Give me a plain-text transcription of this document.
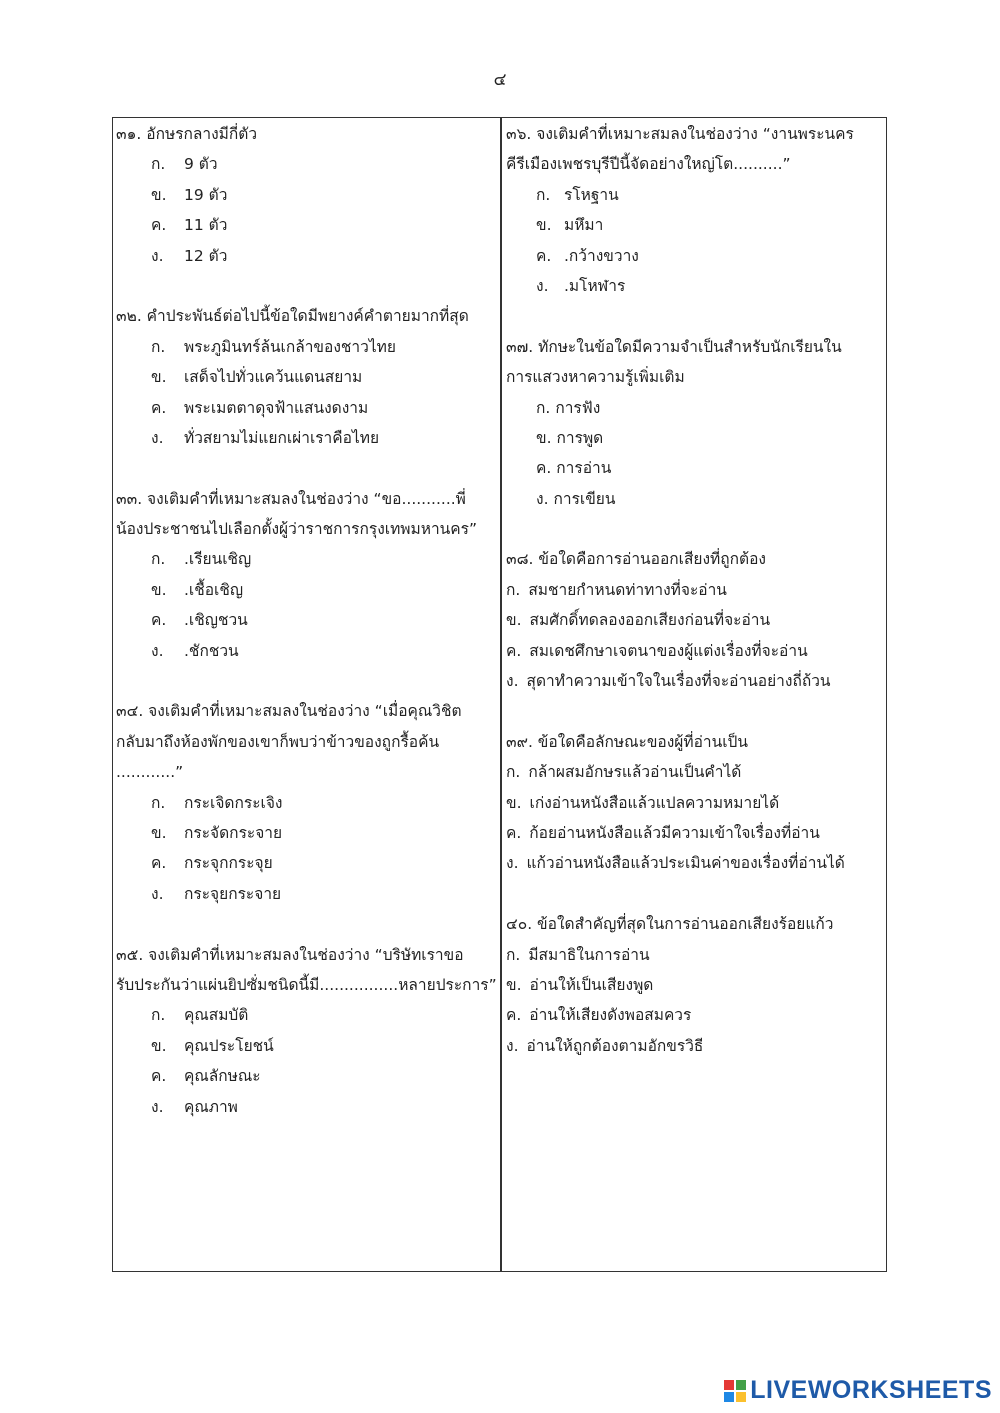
๔
๓๑. อักษรกลางมีกี่ตัว
ก.	9 ตัว
ข.	19 ตัว
ค.	11 ตัว
ง.	12 ตัว
๓๒. คำประพันธ์ต่อไปนี้ข้อใดมีพยางค์คำตายมากที่สุด
ก.	พระภูมินทร์ล้นเกล้าของชาวไทย
ข.	เสด็จไปทั่วแคว้นแดนสยาม
ค.	พระเมตตาดุจฟ้าแสนงดงาม
ง.	ทั่วสยามไม่แยกเผ่าเราคือไทย
๓๓. จงเติมคำที่เหมาะสมลงในช่องว่าง “ขอ...........พี่
น้องประชาชนไปเลือกตั้งผู้ว่าราชการกรุงเทพมหานคร”
ก.	.เรียนเชิญ
ข.	.เชื้อเชิญ
ค.	.เชิญชวน
ง.	.ชักชวน
๓๔. จงเติมคำที่เหมาะสมลงในช่องว่าง “เมื่อคุณวิชิต
กลับมาถึงห้องพักของเขาก็พบว่าข้าวของถูกรื้อค้น
............”
ก.	กระเจิดกระเจิง
ข.	กระจัดกระจาย
ค.	กระจุกกระจุย
ง.	กระจุยกระจาย
๓๕. จงเติมคำที่เหมาะสมลงในช่องว่าง “บริษัทเราขอ
รับประกันว่าแผ่นยิปซั่มชนิดนี้มี................หลายประการ”
ก.	คุณสมบัติ
ข.	คุณประโยชน์
ค.	คุณลักษณะ
ง.	คุณภาพ
๓๖. จงเติมคำที่เหมาะสมลงในช่องว่าง “งานพระนคร
คีรีเมืองเพชรบุรีปีนี้จัดอย่างใหญ่โต..........”
ก. รโหฐาน
ข. มหึมา
ค. .กว้างขวาง
ง.	.มโหฬาร
๓๗. ทักษะในข้อใดมีความจำเป็นสำหรับนักเรียนใน
การแสวงหาความรู้เพิ่มเติม
ก. การฟัง
ข. การพูด
ค. การอ่าน
ง. การเขียน
๓๘. ข้อใดคือการอ่านออกเสียงที่ถูกต้อง
ก. สมชายกำหนดท่าทางที่จะอ่าน
ข. สมศักดิ์ทดลองออกเสียงก่อนที่จะอ่าน
ค. สมเดชศึกษาเจตนาของผู้แต่งเรื่องที่จะอ่าน
ง. สุดาทำความเข้าใจในเรื่องที่จะอ่านอย่างถี่ถ้วน
๓๙. ข้อใดคือลักษณะของผู้ที่อ่านเป็น
ก. กล้าผสมอักษรแล้วอ่านเป็นคำได้
ข. เก่งอ่านหนังสือแล้วแปลความหมายได้
ค. ก้อยอ่านหนังสือแล้วมีความเข้าใจเรื่องที่อ่าน
ง. แก้วอ่านหนังสือแล้วประเมินค่าของเรื่องที่อ่านได้
๔๐. ข้อใดสำคัญที่สุดในการอ่านออกเสียงร้อยแก้ว
ก. มีสมาธิในการอ่าน
ข. อ่านให้เป็นเสียงพูด
ค. อ่านให้เสียงดังพอสมควร
ง. อ่านให้ถูกต้องตามอักขรวิธี
LIVEWORKSHEETS
